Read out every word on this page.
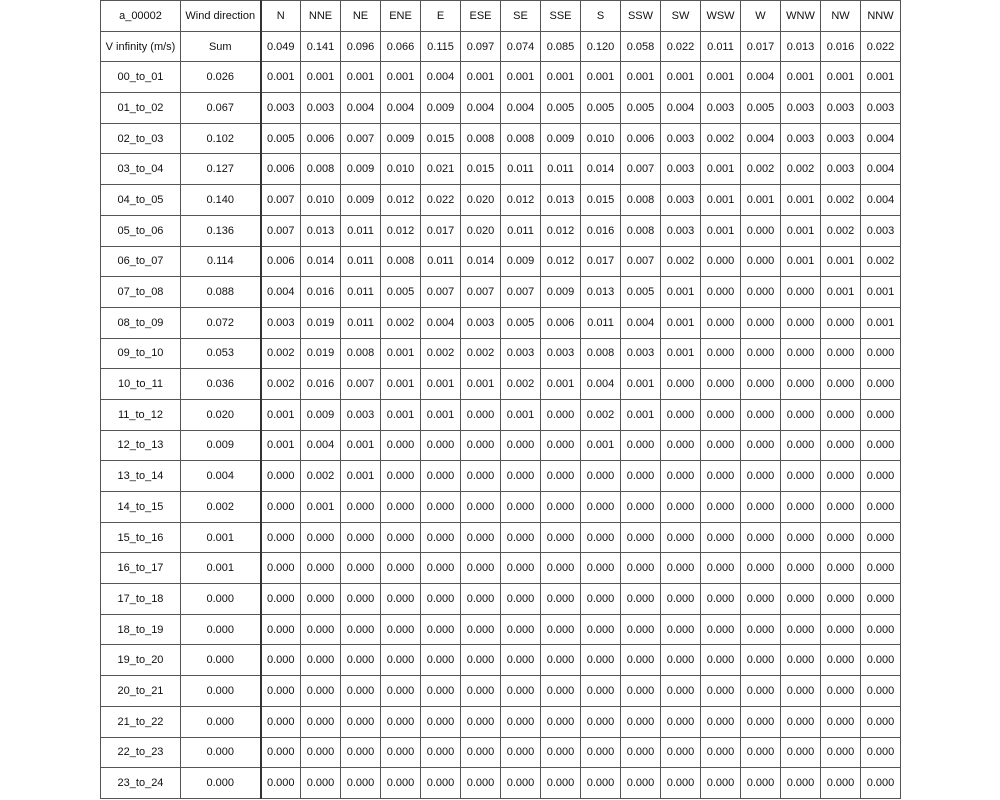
a_00002	Wind direction	N	NNE	NE	ENE	E	ESE	SE	SSE	S	SSW	SW	WSW	W	WNW	NW	NNW
V infinity (m/s)	Sum	0.049	0.141	0.096	0.066	0.115	0.097	0.074	0.085	0.120	0.058	0.022	0.011	0.017	0.013	0.016	0.022
00_to_01	0.026	0.001	0.001	0.001	0.001	0.004	0.001	0.001	0.001	0.001	0.001	0.001	0.001	0.004	0.001	0.001	0.001
01_to_02	0.067	0.003	0.003	0.004	0.004	0.009	0.004	0.004	0.005	0.005	0.005	0.004	0.003	0.005	0.003	0.003	0.003
02_to_03	0.102	0.005	0.006	0.007	0.009	0.015	0.008	0.008	0.009	0.010	0.006	0.003	0.002	0.004	0.003	0.003	0.004
03_to_04	0.127	0.006	0.008	0.009	0.010	0.021	0.015	0.011	0.011	0.014	0.007	0.003	0.001	0.002	0.002	0.003	0.004
04_to_05	0.140	0.007	0.010	0.009	0.012	0.022	0.020	0.012	0.013	0.015	0.008	0.003	0.001	0.001	0.001	0.002	0.004
05_to_06	0.136	0.007	0.013	0.011	0.012	0.017	0.020	0.011	0.012	0.016	0.008	0.003	0.001	0.000	0.001	0.002	0.003
06_to_07	0.114	0.006	0.014	0.011	0.008	0.011	0.014	0.009	0.012	0.017	0.007	0.002	0.000	0.000	0.001	0.001	0.002
07_to_08	0.088	0.004	0.016	0.011	0.005	0.007	0.007	0.007	0.009	0.013	0.005	0.001	0.000	0.000	0.000	0.001	0.001
08_to_09	0.072	0.003	0.019	0.011	0.002	0.004	0.003	0.005	0.006	0.011	0.004	0.001	0.000	0.000	0.000	0.000	0.001
09_to_10	0.053	0.002	0.019	0.008	0.001	0.002	0.002	0.003	0.003	0.008	0.003	0.001	0.000	0.000	0.000	0.000	0.000
10_to_11	0.036	0.002	0.016	0.007	0.001	0.001	0.001	0.002	0.001	0.004	0.001	0.000	0.000	0.000	0.000	0.000	0.000
11_to_12	0.020	0.001	0.009	0.003	0.001	0.001	0.000	0.001	0.000	0.002	0.001	0.000	0.000	0.000	0.000	0.000	0.000
12_to_13	0.009	0.001	0.004	0.001	0.000	0.000	0.000	0.000	0.000	0.001	0.000	0.000	0.000	0.000	0.000	0.000	0.000
13_to_14	0.004	0.000	0.002	0.001	0.000	0.000	0.000	0.000	0.000	0.000	0.000	0.000	0.000	0.000	0.000	0.000	0.000
14_to_15	0.002	0.000	0.001	0.000	0.000	0.000	0.000	0.000	0.000	0.000	0.000	0.000	0.000	0.000	0.000	0.000	0.000
15_to_16	0.001	0.000	0.000	0.000	0.000	0.000	0.000	0.000	0.000	0.000	0.000	0.000	0.000	0.000	0.000	0.000	0.000
16_to_17	0.001	0.000	0.000	0.000	0.000	0.000	0.000	0.000	0.000	0.000	0.000	0.000	0.000	0.000	0.000	0.000	0.000
17_to_18	0.000	0.000	0.000	0.000	0.000	0.000	0.000	0.000	0.000	0.000	0.000	0.000	0.000	0.000	0.000	0.000	0.000
18_to_19	0.000	0.000	0.000	0.000	0.000	0.000	0.000	0.000	0.000	0.000	0.000	0.000	0.000	0.000	0.000	0.000	0.000
19_to_20	0.000	0.000	0.000	0.000	0.000	0.000	0.000	0.000	0.000	0.000	0.000	0.000	0.000	0.000	0.000	0.000	0.000
20_to_21	0.000	0.000	0.000	0.000	0.000	0.000	0.000	0.000	0.000	0.000	0.000	0.000	0.000	0.000	0.000	0.000	0.000
21_to_22	0.000	0.000	0.000	0.000	0.000	0.000	0.000	0.000	0.000	0.000	0.000	0.000	0.000	0.000	0.000	0.000	0.000
22_to_23	0.000	0.000	0.000	0.000	0.000	0.000	0.000	0.000	0.000	0.000	0.000	0.000	0.000	0.000	0.000	0.000	0.000
23_to_24	0.000	0.000	0.000	0.000	0.000	0.000	0.000	0.000	0.000	0.000	0.000	0.000	0.000	0.000	0.000	0.000	0.000
